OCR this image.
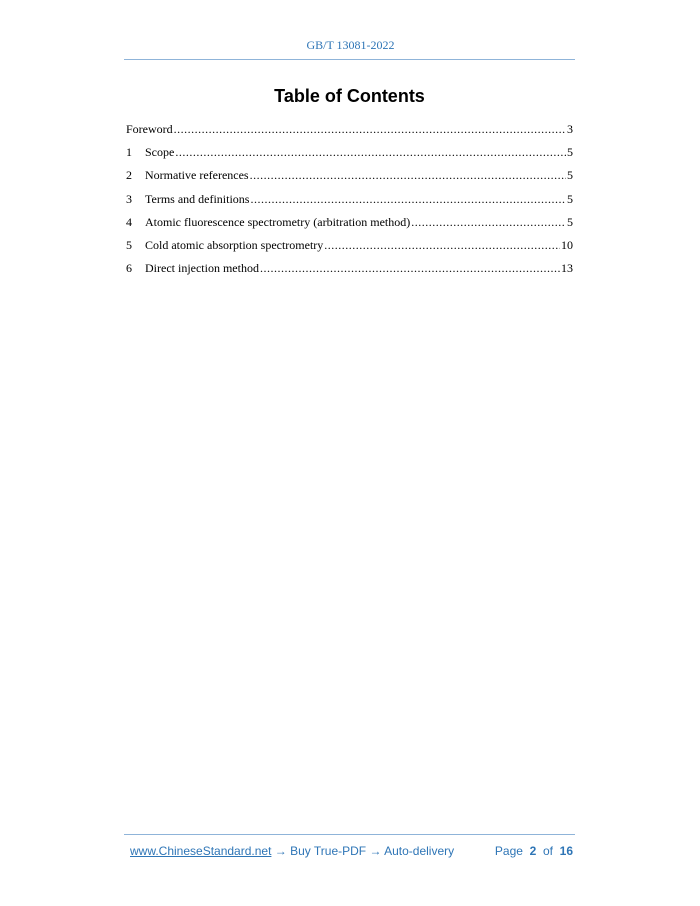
GB/T 13081-2022
Table of Contents
Foreword .....	3
1	Scope .....	5
2	Normative references .....	5
3	Terms and definitions .....	5
4	Atomic fluorescence spectrometry (arbitration method) .....	5
5	Cold atomic absorption spectrometry .....	10
6	Direct injection method .....	13
www.ChineseStandard.net → Buy True-PDF → Auto-delivery	Page 2 of 16
